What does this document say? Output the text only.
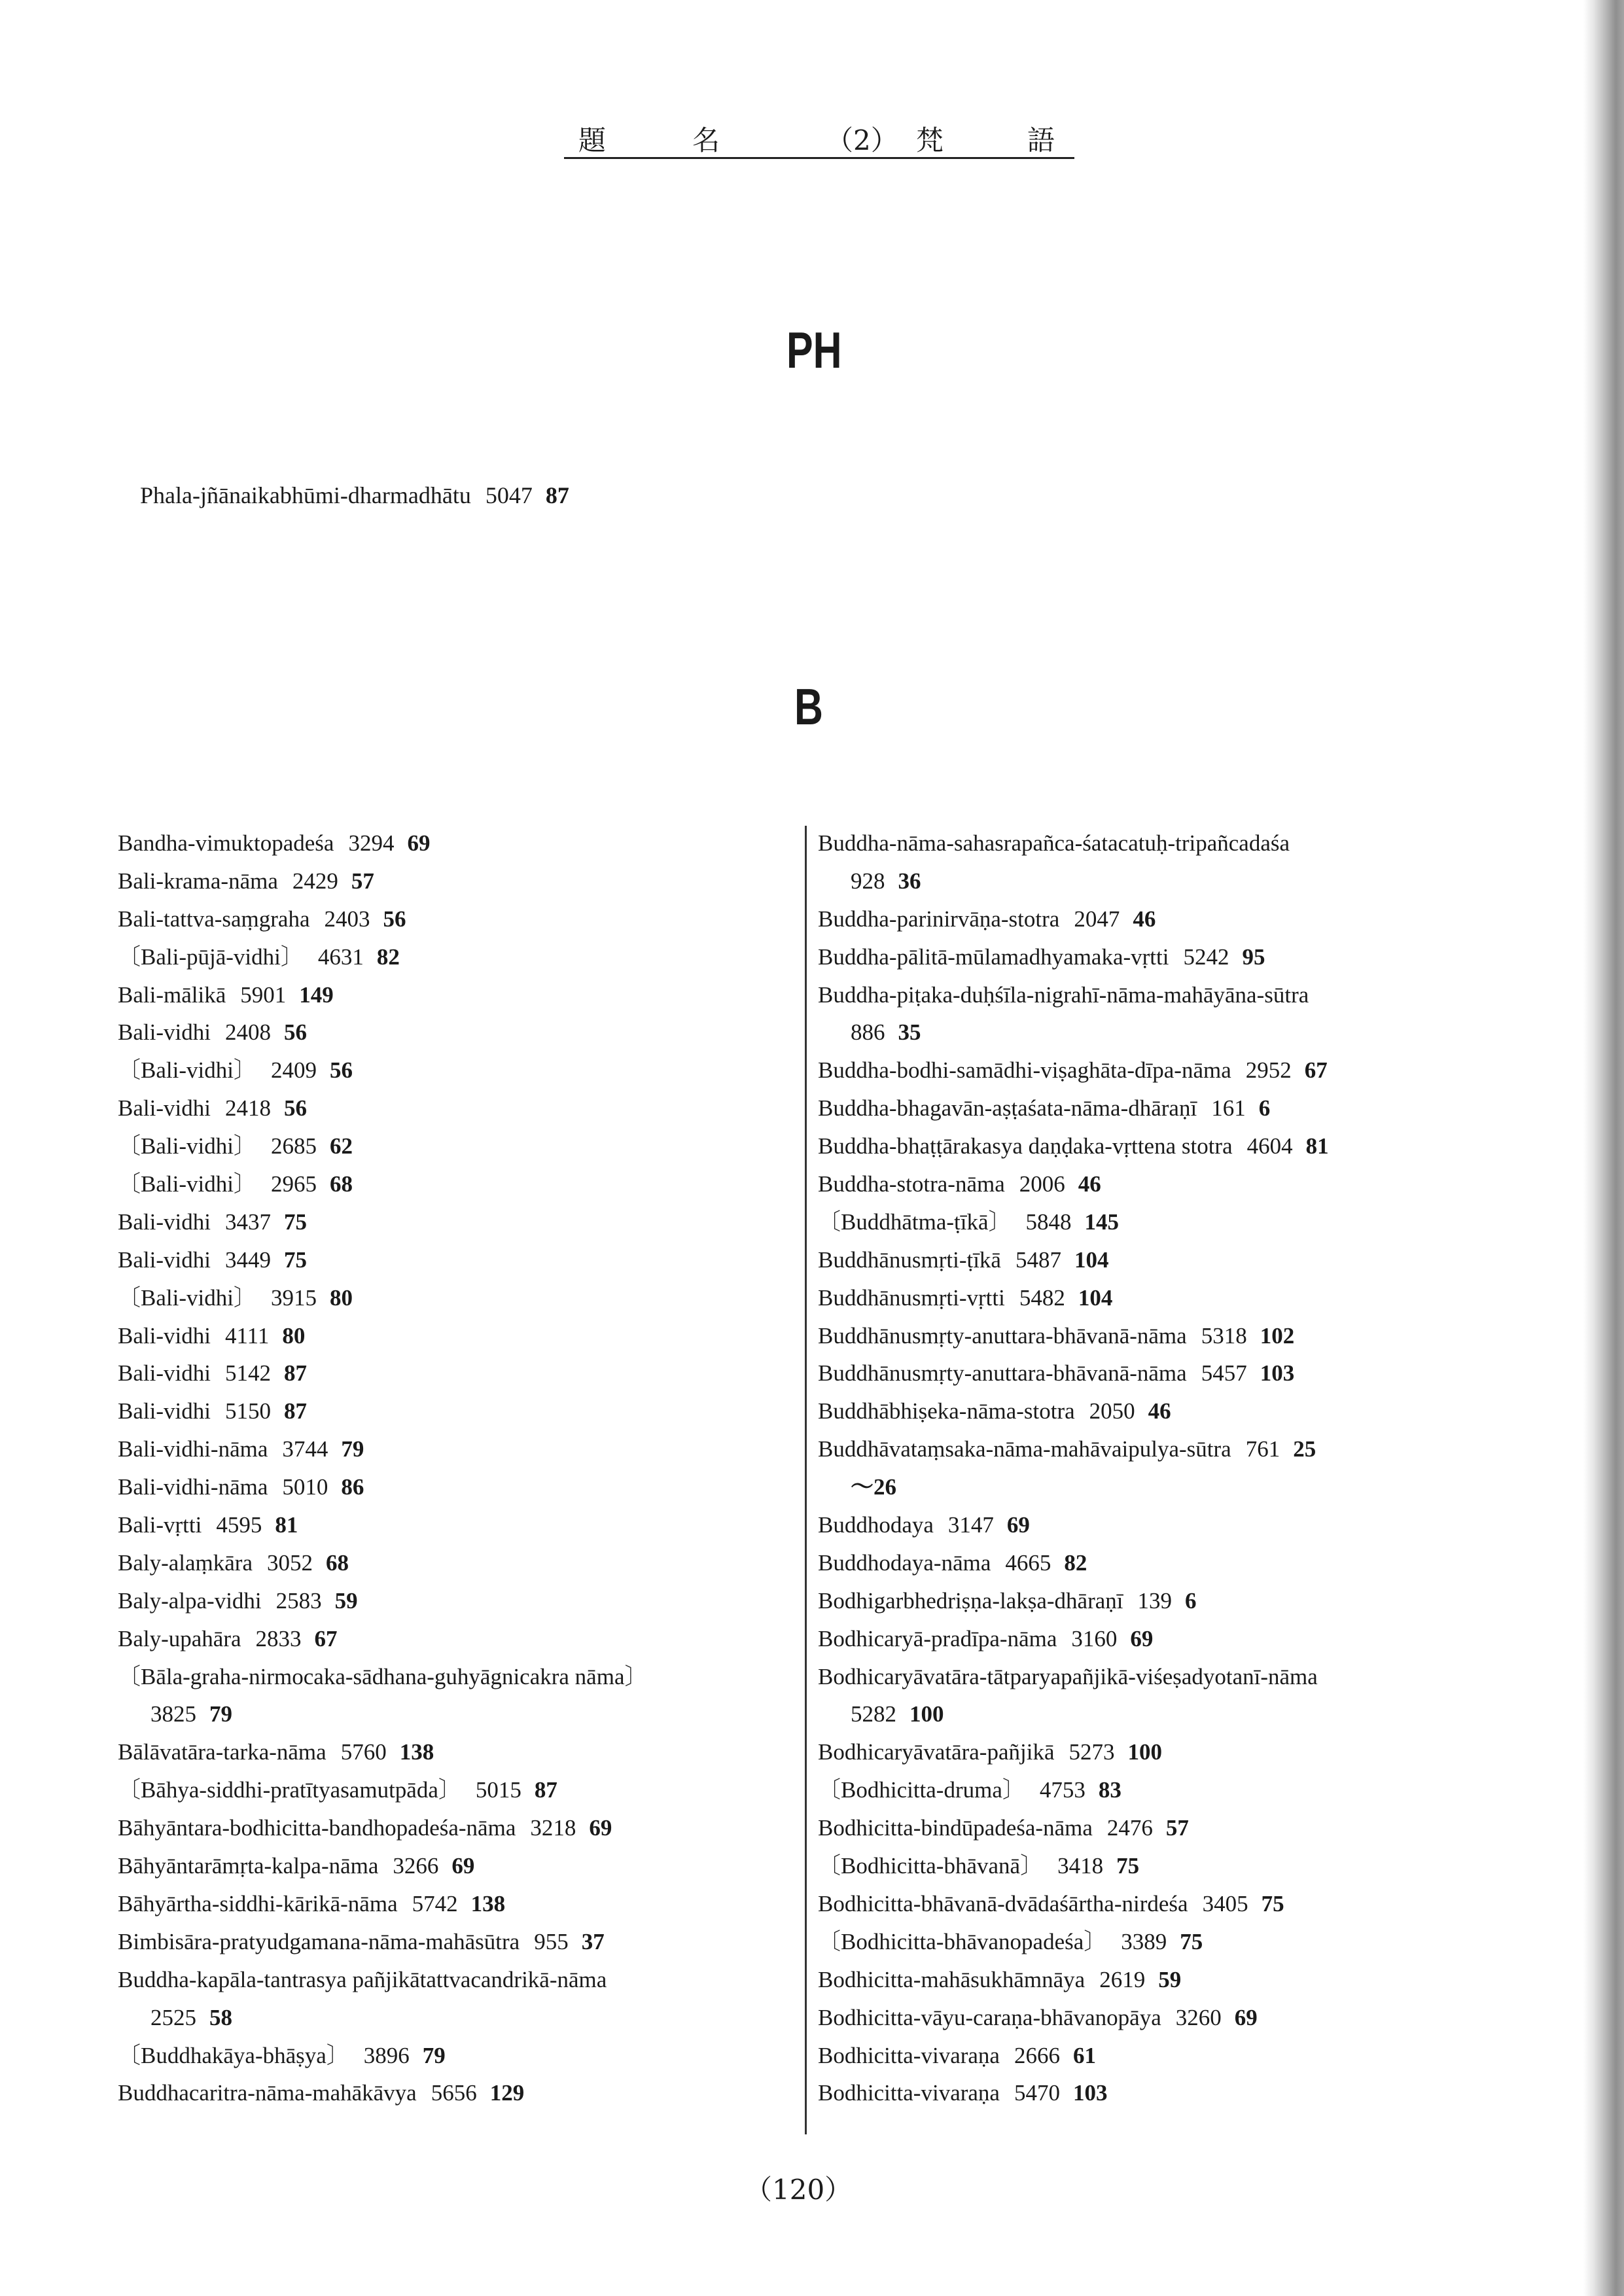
題	名	（2） 梵	語
PH
Phala-jñānaikabhūmi-dharmadhātu 5047 87
B
Bandha-vimuktopadeśa 3294 69
Bali-krama-nāma 2429 57
Bali-tattva-saṃgraha 2403 56
〔Bali-pūjā-vidhi〕 4631 82
Bali-mālikā 5901 149
Bali-vidhi 2408 56
〔Bali-vidhi〕 2409 56
Bali-vidhi 2418 56
〔Bali-vidhi〕 2685 62
〔Bali-vidhi〕 2965 68
Bali-vidhi 3437 75
Bali-vidhi 3449 75
〔Bali-vidhi〕 3915 80
Bali-vidhi 4111 80
Bali-vidhi 5142 87
Bali-vidhi 5150 87
Bali-vidhi-nāma 3744 79
Bali-vidhi-nāma 5010 86
Bali-vṛtti 4595 81
Baly-alaṃkāra 3052 68
Baly-alpa-vidhi 2583 59
Baly-upahāra 2833 67
〔Bāla-graha-nirmocaka-sādhana-guhyāgnicakra nāma〕
3825 79
Bālāvatāra-tarka-nāma 5760 138
〔Bāhya-siddhi-pratītyasamutpāda〕 5015 87
Bāhyāntara-bodhicitta-bandhopadeśa-nāma 3218 69
Bāhyāntarāmṛta-kalpa-nāma 3266 69
Bāhyārtha-siddhi-kārikā-nāma 5742 138
Bimbisāra-pratyudgamana-nāma-mahāsūtra 955 37
Buddha-kapāla-tantrasya pañjikātattvacandrikā-nāma
2525 58
〔Buddhakāya-bhāṣya〕 3896 79
Buddhacaritra-nāma-mahākāvya 5656 129
Buddha-nāma-sahasrapañca-śatacatuḥ-tripañcadaśa
928 36
Buddha-parinirvāṇa-stotra 2047 46
Buddha-pālitā-mūlamadhyamaka-vṛtti 5242 95
Buddha-piṭaka-duḥśīla-nigrahī-nāma-mahāyāna-sūtra
886 35
Buddha-bodhi-samādhi-viṣaghāta-dīpa-nāma 2952 67
Buddha-bhagavān-aṣṭaśata-nāma-dhāraṇī 161 6
Buddha-bhaṭṭārakasya daṇḍaka-vṛttena stotra 4604 81
Buddha-stotra-nāma 2006 46
〔Buddhātma-ṭīkā〕 5848 145
Buddhānusmṛti-ṭīkā 5487 104
Buddhānusmṛti-vṛtti 5482 104
Buddhānusmṛty-anuttara-bhāvanā-nāma 5318 102
Buddhānusmṛty-anuttara-bhāvanā-nāma 5457 103
Buddhābhiṣeka-nāma-stotra 2050 46
Buddhāvataṃsaka-nāma-mahāvaipulya-sūtra 761 25
～26
Buddhodaya 3147 69
Buddhodaya-nāma 4665 82
Bodhigarbhedriṣṇa-lakṣa-dhāraṇī 139 6
Bodhicaryā-pradīpa-nāma 3160 69
Bodhicaryāvatāra-tātparyapañjikā-viśeṣadyotanī-nāma
5282 100
Bodhicaryāvatāra-pañjikā 5273 100
〔Bodhicitta-druma〕 4753 83
Bodhicitta-bindūpadeśa-nāma 2476 57
〔Bodhicitta-bhāvanā〕 3418 75
Bodhicitta-bhāvanā-dvādaśārtha-nirdeśa 3405 75
〔Bodhicitta-bhāvanopadeśa〕 3389 75
Bodhicitta-mahāsukhāmnāya 2619 59
Bodhicitta-vāyu-caraṇa-bhāvanopāya 3260 69
Bodhicitta-vivaraṇa 2666 61
Bodhicitta-vivaraṇa 5470 103
（120）
